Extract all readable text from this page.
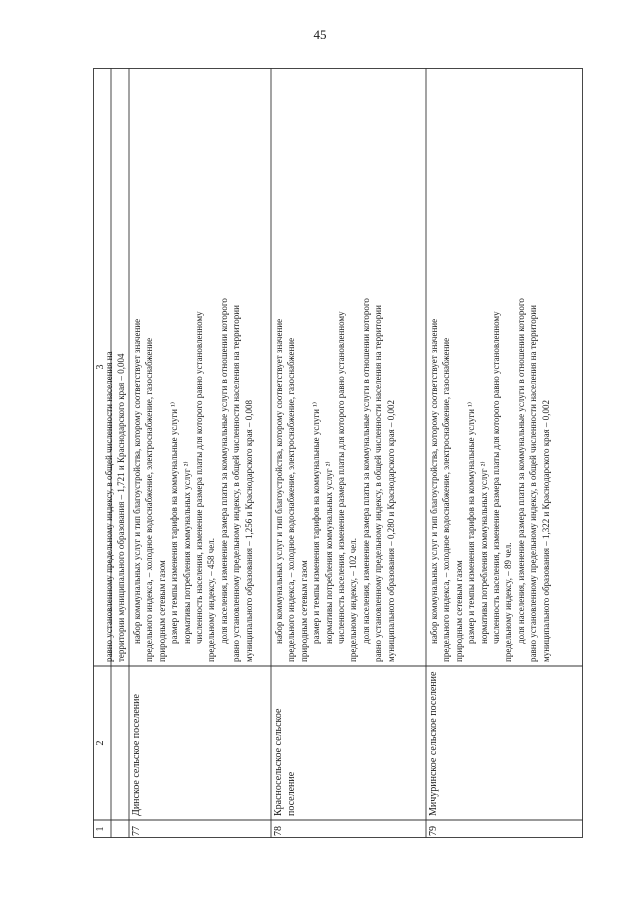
45
1
2
3
равно установленному предельному индексу, в общей численности населения на территории муниципального образования – 1,721 и Краснодарского края – 0,004
77
Динское сельское поселение
набор коммунальных услуг и тип благоустройства, которому соответствует значение предельного индекса, – холодное водоснабжение, электроснабжение, газоснабжение природным сетевым газом размер и темпы изменения тарифов на коммунальные услуги ¹⁾ нормативы потребления коммунальных услуг ²⁾ численность населения, изменение размера платы для которого равно установленному предельному индексу, – 458 чел. доля населения, изменение размера платы за коммунальные услуги в отношении которого равно установленному предельному индексу, в общей численности населения на территории муниципального образования – 1,256 и Краснодарского края – 0,008
78
Красносельское сельское поселение
набор коммунальных услуг и тип благоустройства, которому соответствует значение предельного индекса, – холодное водоснабжение, электроснабжение, газоснабжение природным сетевым газом размер и темпы изменения тарифов на коммунальные услуги ¹⁾ нормативы потребления коммунальных услуг ²⁾ численность населения, изменение размера платы для которого равно установленному предельному индексу, – 102 чел. доля населения, изменение размера платы за коммунальные услуги в отношении которого равно установленному предельному индексу, в общей численности населения на территории муниципального образования – 0,280 и Краснодарского края – 0,002
79
Мичуринское сельское поселение
набор коммунальных услуг и тип благоустройства, которому соответствует значение предельного индекса, – холодное водоснабжение, электроснабжение, газоснабжение природным сетевым газом размер и темпы изменения тарифов на коммунальные услуги ¹⁾ нормативы потребления коммунальных услуг ²⁾ численность населения, изменение размера платы для которого равно установленному предельному индексу, – 89 чел. доля населения, изменение размера платы за коммунальные услуги в отношении которого равно установленному предельному индексу, в общей численности населения на территории муниципального образования – 1,322 и Краснодарского края – 0,002
